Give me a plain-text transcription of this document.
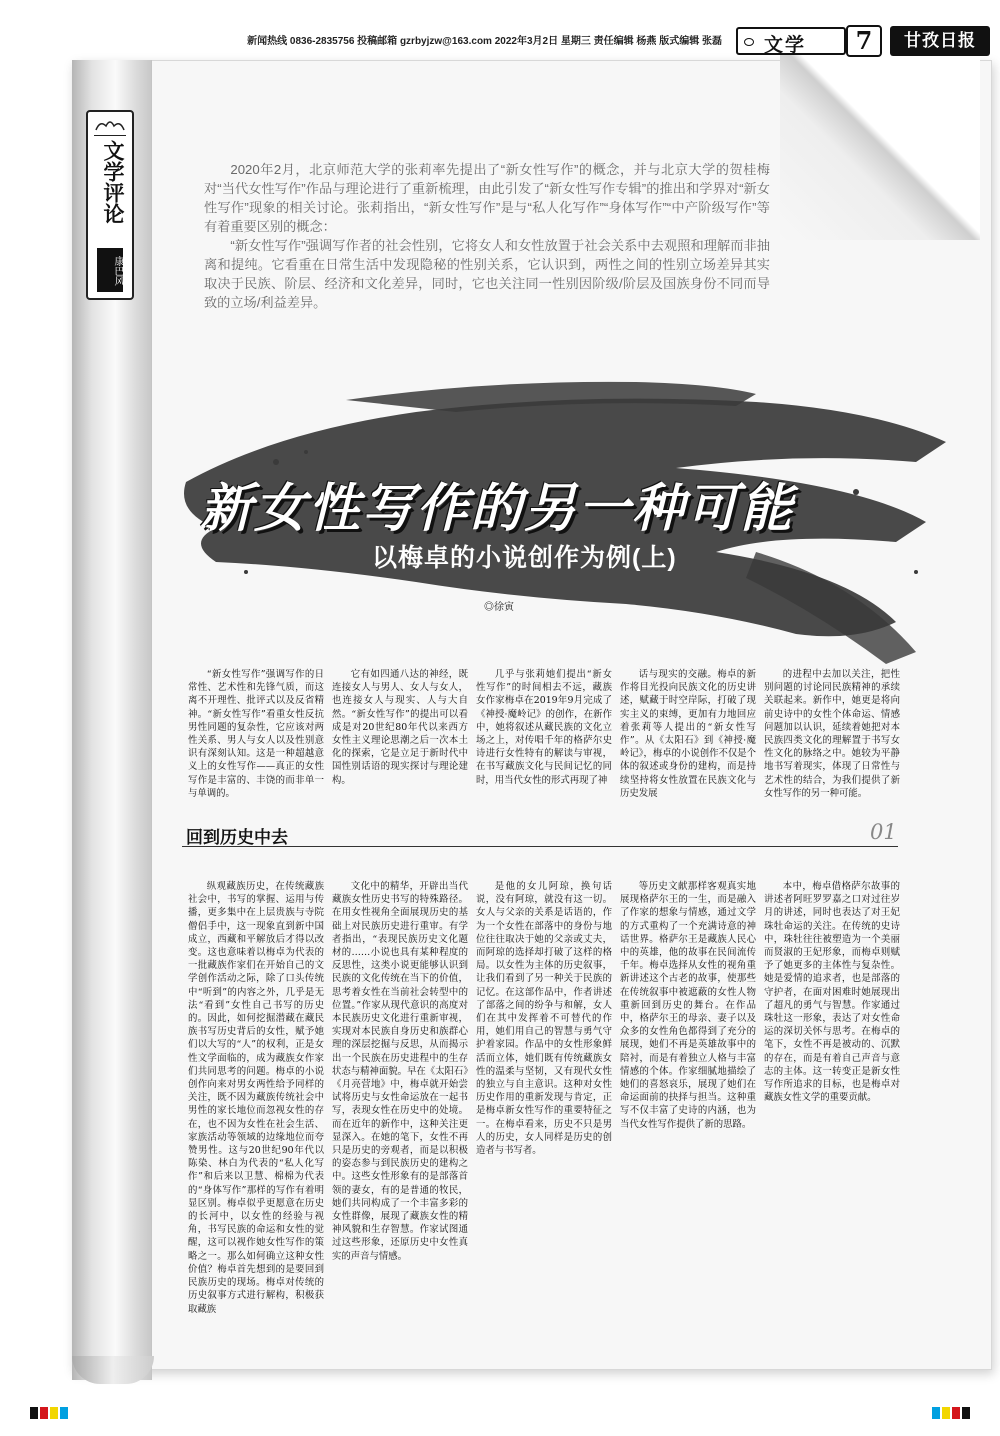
新闻热线 0836-2835756 投稿邮箱 gzrbyjzw@163.com 2022年3月2日 星期三 责任编辑 杨燕 版式编辑 张磊 文学	7	甘孜日报
文学评论
康巴风

2020年2月，北京师范大学的张莉率先提出了“新女性写作”的概念，并与北京大学的贺桂梅对“当代女性写作”作品与理论进行了重新梳理，由此引发了“新女性写作专辑”的推出和学界对“新女性写作”现象的相关讨论。张莉指出，“新女性写作”是与“私人化写作”“身体写作”“中产阶级写作”等有着重要区别的概念：

“新女性写作”强调写作者的社会性别，它将女人和女性放置于社会关系中去观照和理解而非抽离和提纯。它看重在日常生活中发现隐秘的性别关系，它认识到，两性之间的性别立场差异其实取决于民族、阶层、经济和文化差异，同时，它也关注同一性别因阶级/阶层及国族身份不同而导致的立场/利益差异。

新女性写作的另一种可能
以梅卓的小说创作为例(上)
◎徐寅

“新女性写作”强调写作的日常性、艺术性和先锋气质，而这离不开理性、批评式以及反省精神。“新女性写作”看重女性反抗男性同题的复杂性，它应该对两性关系、男人与女人以及性别意识有深刻认知。这是一种超越意义上的女性写作——真正的女性写作是丰富的、丰饶的而非单一与单调的。

它有如四通八达的神经，既连接女人与男人、女人与女人，也连接女人与现实、人与大自然。“新女性写作”的提出可以看成是对20世纪80年代以来西方女性主义理论思潮之后一次本土化的探索，它是立足于新时代中国性别话语的现实探讨与理论建构。

几乎与张莉她们提出“新女性写作”的时间相去不远，藏族女作家梅卓在2019年9月完成了《神授·魔岭记》的创作，在新作中，她将叙述从藏民族的文化立场之上，对传唱千年的格萨尔史诗进行女性特有的解读与审视，在书写藏族文化与民间记忆的同时，用当代女性的形式再现了神

话与现实的交融。梅卓的新作将目光投向民族文化的历史讲述，赋藏于时空岸际，打破了现实主义的束缚，更加有力地回应着张莉等人提出的“新女性写作”。从《太阳石》到《神授·魔岭记》，梅卓的小说创作不仅是个体的叙述或身份的建构，而是持续坚持将女性放置在民族文化与历史发展

的进程中去加以关注，把性别问题的讨论同民族精神的承续关联起来。新作中，她更是将向前史诗中的女性个体命运、情感问题加以认识，延续着她把对本民族四类文化的理解置于书写女性文化的脉络之中。她较为平静地书写着现实，体现了日常性与艺术性的结合，为我们提供了新女性写作的另一种可能。

回到历史中去	01

纵观藏族历史，在传统藏族社会中，书写的掌握、运用与传播，更多集中在上层贵族与寺院僧侣手中，这一现象直到新中国成立，西藏和平解放后才得以改变。这也意味着以梅卓为代表的一批藏族作家们在开始自己的文学创作活动之际，除了口头传统中“听到”的内容之外，几乎是无法“看到”女性自己书写的历史的。因此，如何挖掘潜藏在藏民族书写历史背后的女性，赋予她们以大写的“人”的权利，正是女性文学面临的，成为藏族女作家们共同思考的问题。梅卓的小说创作向来对男女两性给予同样的关注，既不因为藏族传统社会中男性的家长地位而忽视女性的存在，也不因为女性在社会生活、家族活动等领域的边缘地位而夸赞男性。这与20世纪90年代以陈染、林白为代表的“私人化写作”和后来以卫慧、棉棉为代表的“身体写作”那样的写作有着明显区别。梅卓似乎更愿意在历史的长河中，以女性的经验与视角，书写民族的命运和女性的觉醒，这可以视作她女性写作的策略之一。那么如何确立这种女性价值？梅卓首先想到的是要回到民族历史的现场。梅卓对传统的历史叙事方式进行解构，积极获取藏族

文化中的精华，开辟出当代藏族女性历史书写的特殊路径。在用女性视角全面展现历史的基础上对民族历史进行重审。有学者指出，“表现民族历史文化题材的……小说也具有某种程度的反思性，这类小说更能够认识到民族的文化传统在当下的价值，思考着女性在当前社会转型中的位置。”作家从现代意识的高度对本民族历史文化进行重新审视，实现对本民族自身历史和族群心理的深层挖掘与反思，从而揭示出一个民族在历史进程中的生存状态与精神面貌。早在《太阳石》《月亮营地》中，梅卓就开始尝试将历史与女性命运放在一起书写，表现女性在历史中的处境。而在近年的新作中，这种关注更显深入。在她的笔下，女性不再只是历史的旁观者，而是以积极的姿态参与到民族历史的建构之中。这些女性形象有的是部落首领的妻女，有的是普通的牧民，她们共同构成了一个丰富多彩的女性群像，展现了藏族女性的精神风貌和生存智慧。作家试图通过这些形象，还原历史中女性真实的声音与情感。

是他的女儿阿琼，换句话说，没有阿琼，就没有这一切。女人与父亲的关系是话语的，作为一个女性在部落中的身份与地位往往取决于她的父亲或丈夫，而阿琼的选择却打破了这样的格局。以女性为主体的历史叙事，让我们看到了另一种关于民族的记忆。在这部作品中，作者讲述了部落之间的纷争与和解，女人们在其中发挥着不可替代的作用，她们用自己的智慧与勇气守护着家园。作品中的女性形象鲜活而立体，她们既有传统藏族女性的温柔与坚韧，又有现代女性的独立与自主意识。这种对女性历史作用的重新发现与肯定，正是梅卓新女性写作的重要特征之一。在梅卓看来，历史不只是男人的历史，女人同样是历史的创造者与书写者。

等历史文献那样客观真实地展现格萨尔王的一生，而是融入了作家的想象与情感，通过文学的方式重构了一个充满诗意的神话世界。格萨尔王是藏族人民心中的英雄，他的故事在民间流传千年。梅卓选择从女性的视角重新讲述这个古老的故事，使那些在传统叙事中被遮蔽的女性人物重新回到历史的舞台。在作品中，格萨尔王的母亲、妻子以及众多的女性角色都得到了充分的展现，她们不再是英雄故事中的陪衬，而是有着独立人格与丰富情感的个体。作家细腻地描绘了她们的喜怒哀乐，展现了她们在命运面前的抉择与担当。这种重写不仅丰富了史诗的内涵，也为当代女性写作提供了新的思路。

本中，梅卓借格萨尔故事的讲述者阿旺罗罗嘉之口对过往岁月的讲述，同时也表达了对王妃珠牡命运的关注。在传统的史诗中，珠牡往往被塑造为一个美丽而贤淑的王妃形象，而梅卓则赋予了她更多的主体性与复杂性。她是爱情的追求者，也是部落的守护者，在面对困难时她展现出了超凡的勇气与智慧。作家通过珠牡这一形象，表达了对女性命运的深切关怀与思考。在梅卓的笔下，女性不再是被动的、沉默的存在，而是有着自己声音与意志的主体。这一转变正是新女性写作所追求的目标，也是梅卓对藏族女性文学的重要贡献。
